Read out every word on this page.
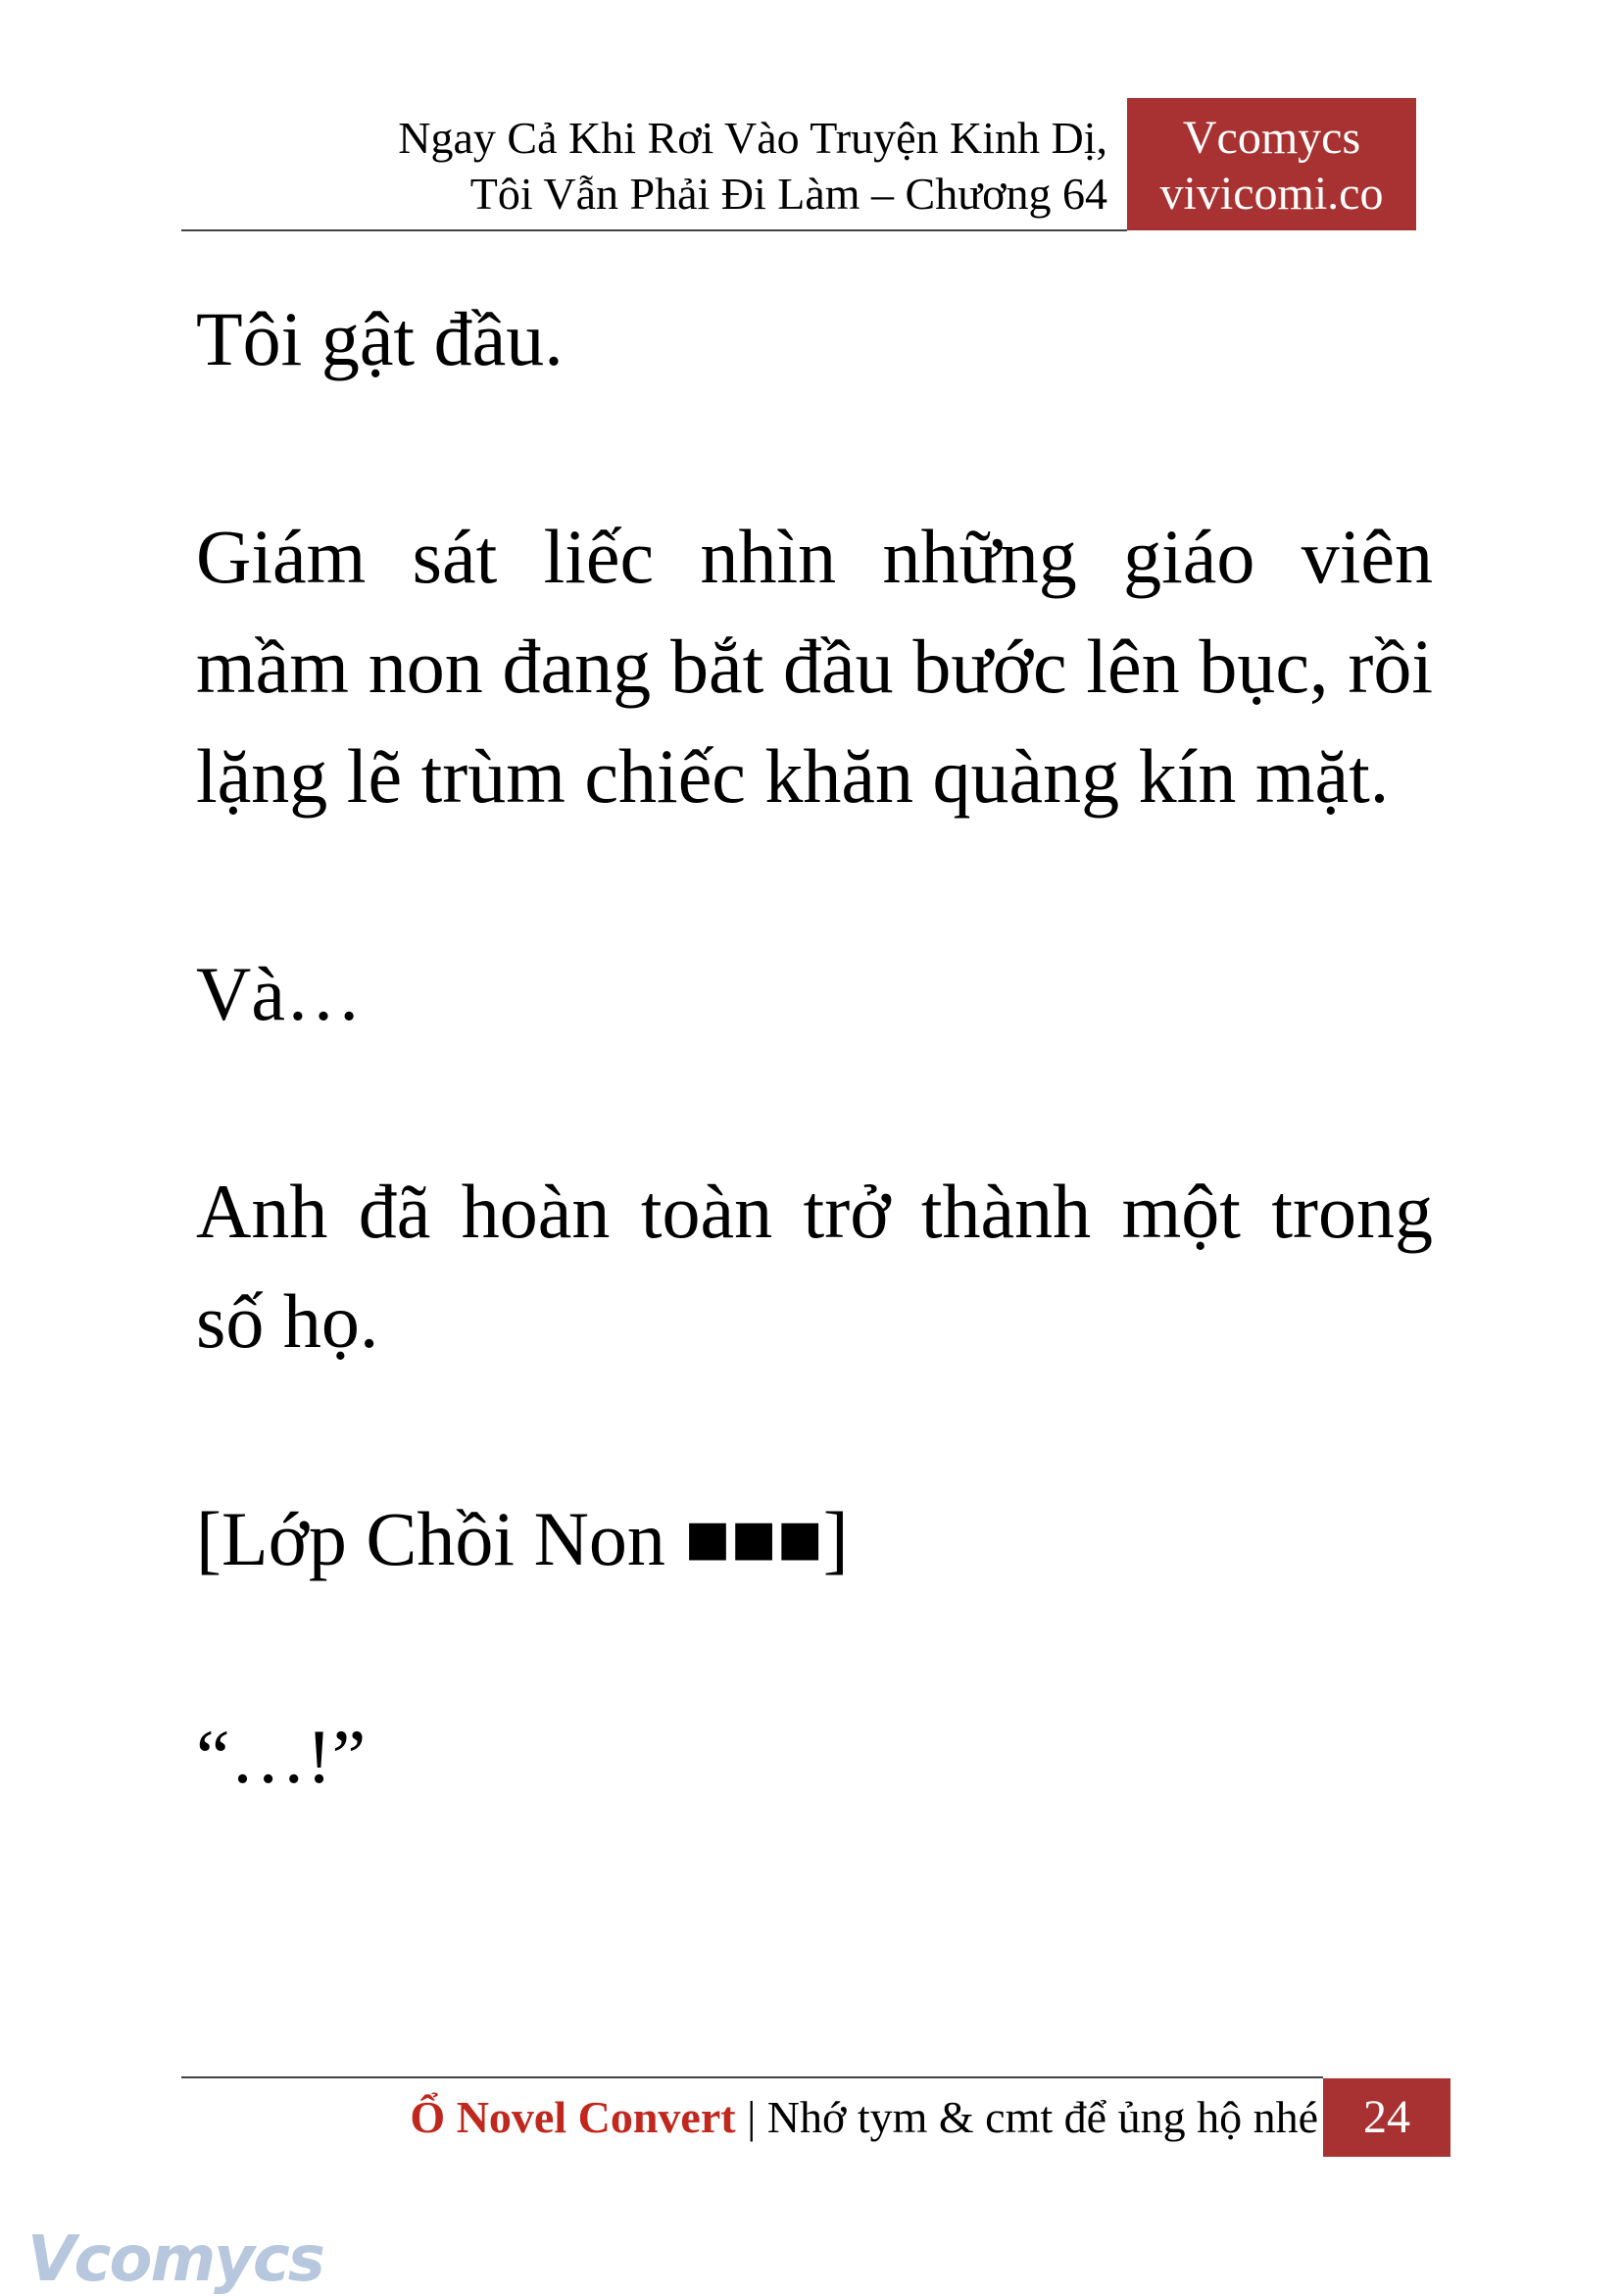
Ngay Cả Khi Rơi Vào Truyện Kinh Dị,
Tôi Vẫn Phải Đi Làm – Chương 64
Vcomycs
vivicomi.co

Tôi gật đầu.

Giám sát liếc nhìn những giáo viên mầm non đang bắt đầu bước lên bục, rồi lặng lẽ trùm chiếc khăn quàng kín mặt.

Và…

Anh đã hoàn toàn trở thành một trong số họ.

[Lớp Chồi Non ■■■]

“…!”

Ổ Novel Convert | Nhớ tym & cmt để ủng hộ nhé 24
Vcomycs
